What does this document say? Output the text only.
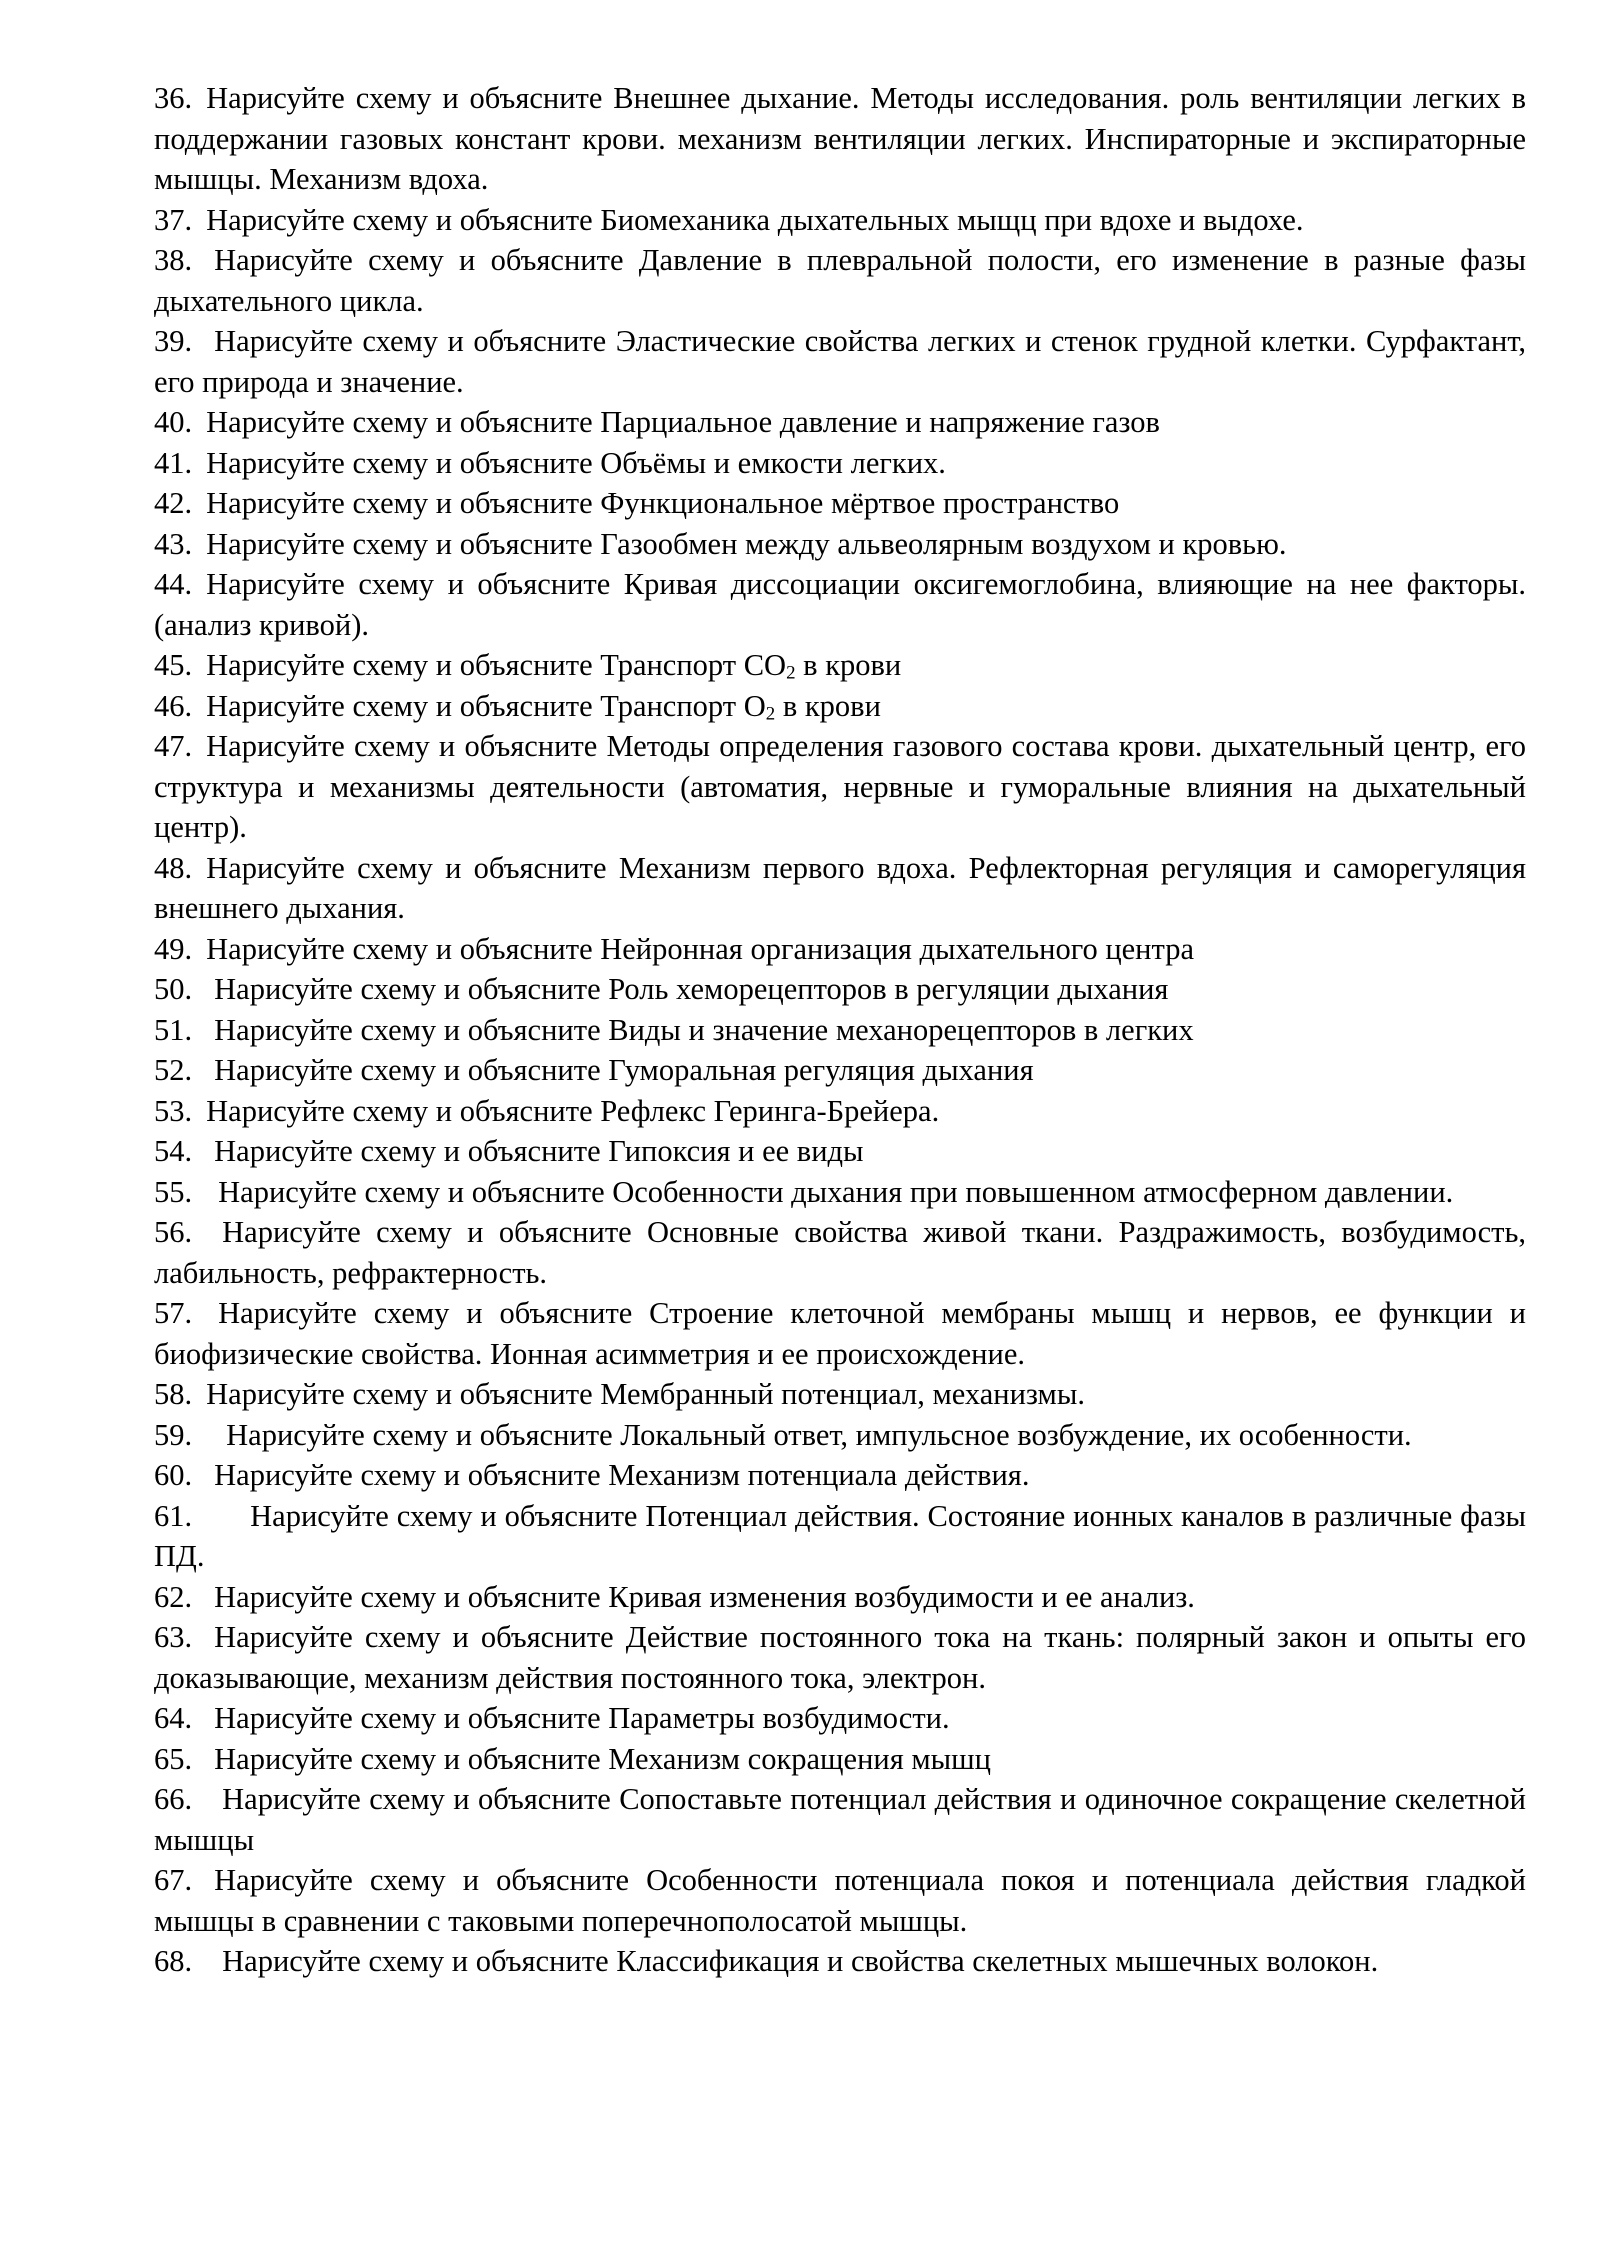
36. Нарисуйте схему и объясните Внешнее дыхание. Методы исследования. роль вентиляции легких в поддержании газовых констант крови. механизм вентиляции легких. Инспираторные и экспираторные мышцы. Механизм вдоха.

37. Нарисуйте схему и объясните Биомеханика дыхательных мыщц при вдохе и выдохе.

38. Нарисуйте схему и объясните Давление в плевральной полости, его изменение в разные фазы дыхательного цикла.

39. Нарисуйте схему и объясните Эластические свойства легких и стенок грудной клетки. Сурфактант, его природа и значение.

40. Нарисуйте схему и объясните Парциальное давление и напряжение газов

41. Нарисуйте схему и объясните Объёмы и емкости легких.

42. Нарисуйте схему и объясните Функциональное мёртвое пространство

43. Нарисуйте схему и объясните Газообмен между альвеолярным воздухом и кровью.

44. Нарисуйте схему и объясните Кривая диссоциации оксигемоглобина, влияющие на нее факторы. (анализ кривой).

45. Нарисуйте схему и объясните Транспорт $CO_2$ в крови

46. Нарисуйте схему и объясните Транспорт $O_2$ в крови

47. Нарисуйте схему и объясните Методы определения газового состава крови. дыхательный центр, его структура и механизмы деятельности (автоматия, нервные и гуморальные влияния на дыхательный центр).

48. Нарисуйте схему и объясните Механизм первого вдоха. Рефлекторная регуляция и саморегуляция внешнего дыхания.

49. Нарисуйте схему и объясните Нейронная организация дыхательного центра

50. Нарисуйте схему и объясните Роль хеморецепторов в регуляции дыхания

51. Нарисуйте схему и объясните Виды и значение механорецепторов в легких

52. Нарисуйте схему и объясните Гуморальная регуляция дыхания

53. Нарисуйте схему и объясните Рефлекс Геринга-Брейера.

54. Нарисуйте схему и объясните Гипоксия и ее виды

55. Нарисуйте схему и объясните Особенности дыхания при повышенном атмосферном давлении.

56. Нарисуйте схему и объясните Основные свойства живой ткани. Раздражимость, возбудимость, лабильность, рефрактерность.

57. Нарисуйте схему и объясните Строение клеточной мембраны мышц и нервов, ее функции и биофизические свойства. Ионная асимметрия и ее происхождение.

58. Нарисуйте схему и объясните Мембранный потенциал, механизмы.

59. Нарисуйте схему и объясните Локальный ответ, импульсное возбуждение, их особенности.

60. Нарисуйте схему и объясните Механизм потенциала действия.

61. Нарисуйте схему и объясните Потенциал действия. Состояние ионных каналов в различные фазы ПД.

62. Нарисуйте схему и объясните Кривая изменения возбудимости и ее анализ.

63. Нарисуйте схему и объясните Действие постоянного тока на ткань: полярный закон и опыты его доказывающие, механизм действия постоянного тока, электрон.

64. Нарисуйте схему и объясните Параметры возбудимости.

65. Нарисуйте схему и объясните Механизм сокращения мышц

66. Нарисуйте схему и объясните Сопоставьте потенциал действия и одиночное сокращение скелетной мышцы

67. Нарисуйте схему и объясните Особенности потенциала покоя и потенциала действия гладкой мышцы в сравнении с таковыми поперечнополосатой мышцы.

68. Нарисуйте схему и объясните Классификация и свойства скелетных мышечных волокон.
